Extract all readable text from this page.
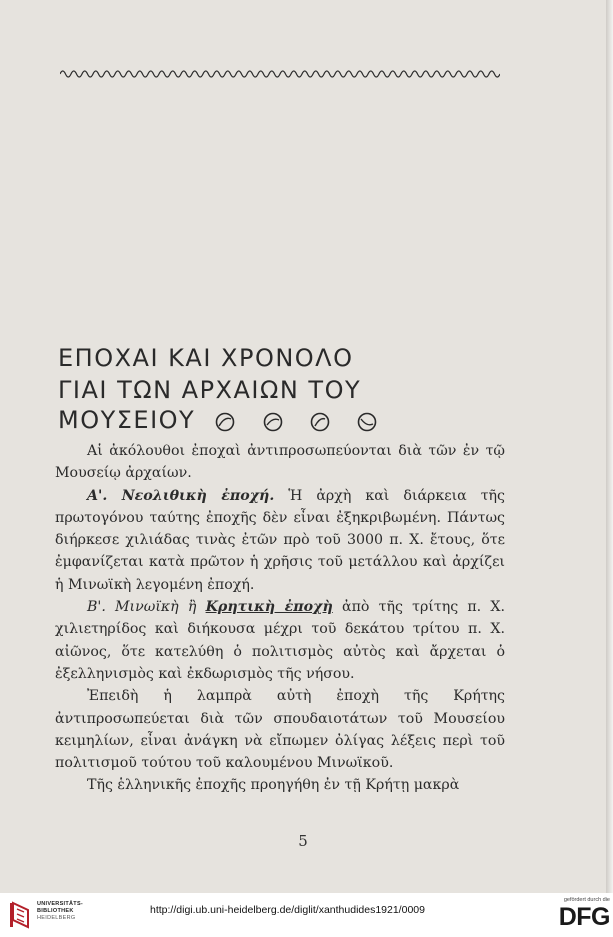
ΕΠΟΧΑΙ ΚΑΙ ΧΡΟΝΟΛΟ
ΓΙΑΙ ΤΩΝ ΑΡΧΑΙΩΝ ΤΟΥ
ΜΟΥΣΕΙΟΥ

Αἱ ἀκόλουθοι ἐποχαὶ ἀντιπροσωπεύονται διὰ τῶν ἐν τῷ Μουσείῳ ἀρχαίων.

Α'. Νεολιθικὴ ἐποχή. Ἡ ἀρχὴ καὶ διάρκεια τῆς πρωτογόνου ταύτης ἐποχῆς δὲν εἶναι ἐξηκριβωμένη. Πάντως διήρκεσε χιλιάδας τινὰς ἐτῶν πρὸ τοῦ 3000 π. Χ. ἔτους, ὅτε ἐμφανίζεται κατὰ πρῶτον ἡ χρῆσις τοῦ μετάλλου καὶ ἀρχίζει ἡ Μινωϊκὴ λεγομένη ἐποχή.

Β'. Μινωϊκὴ ἢ Κρητικὴ ἐποχὴ ἀπὸ τῆς τρίτης π. Χ. χιλιετηρίδος καὶ διήκουσα μέχρι τοῦ δεκάτου τρίτου π. Χ. αἰῶνος, ὅτε κατελύθη ὁ πολιτισμὸς αὐτὸς καὶ ἄρχεται ὁ ἐξελληνισμὸς καὶ ἐκδωρισμὸς τῆς νήσου.

Ἐπειδὴ ἡ λαμπρὰ αὐτὴ ἐποχὴ τῆς Κρήτης ἀντιπροσωπεύεται διὰ τῶν σπουδαιοτάτων τοῦ Μουσείου κειμηλίων, εἶναι ἀνάγκη νὰ εἴπωμεν ὀλίγας λέξεις περὶ τοῦ πολιτισμοῦ τούτου τοῦ καλουμένου Μινωϊκοῦ.

Τῆς ἑλληνικῆς ἐποχῆς προηγήθη ἐν τῇ Κρήτῃ μακρὰ

5

UNIVERSITÄTS-
BIBLIOTHEK
HEIDELBERG

http://digi.ub.uni-heidelberg.de/diglit/xanthudides1921/0009

gefördert durch die

DFG
